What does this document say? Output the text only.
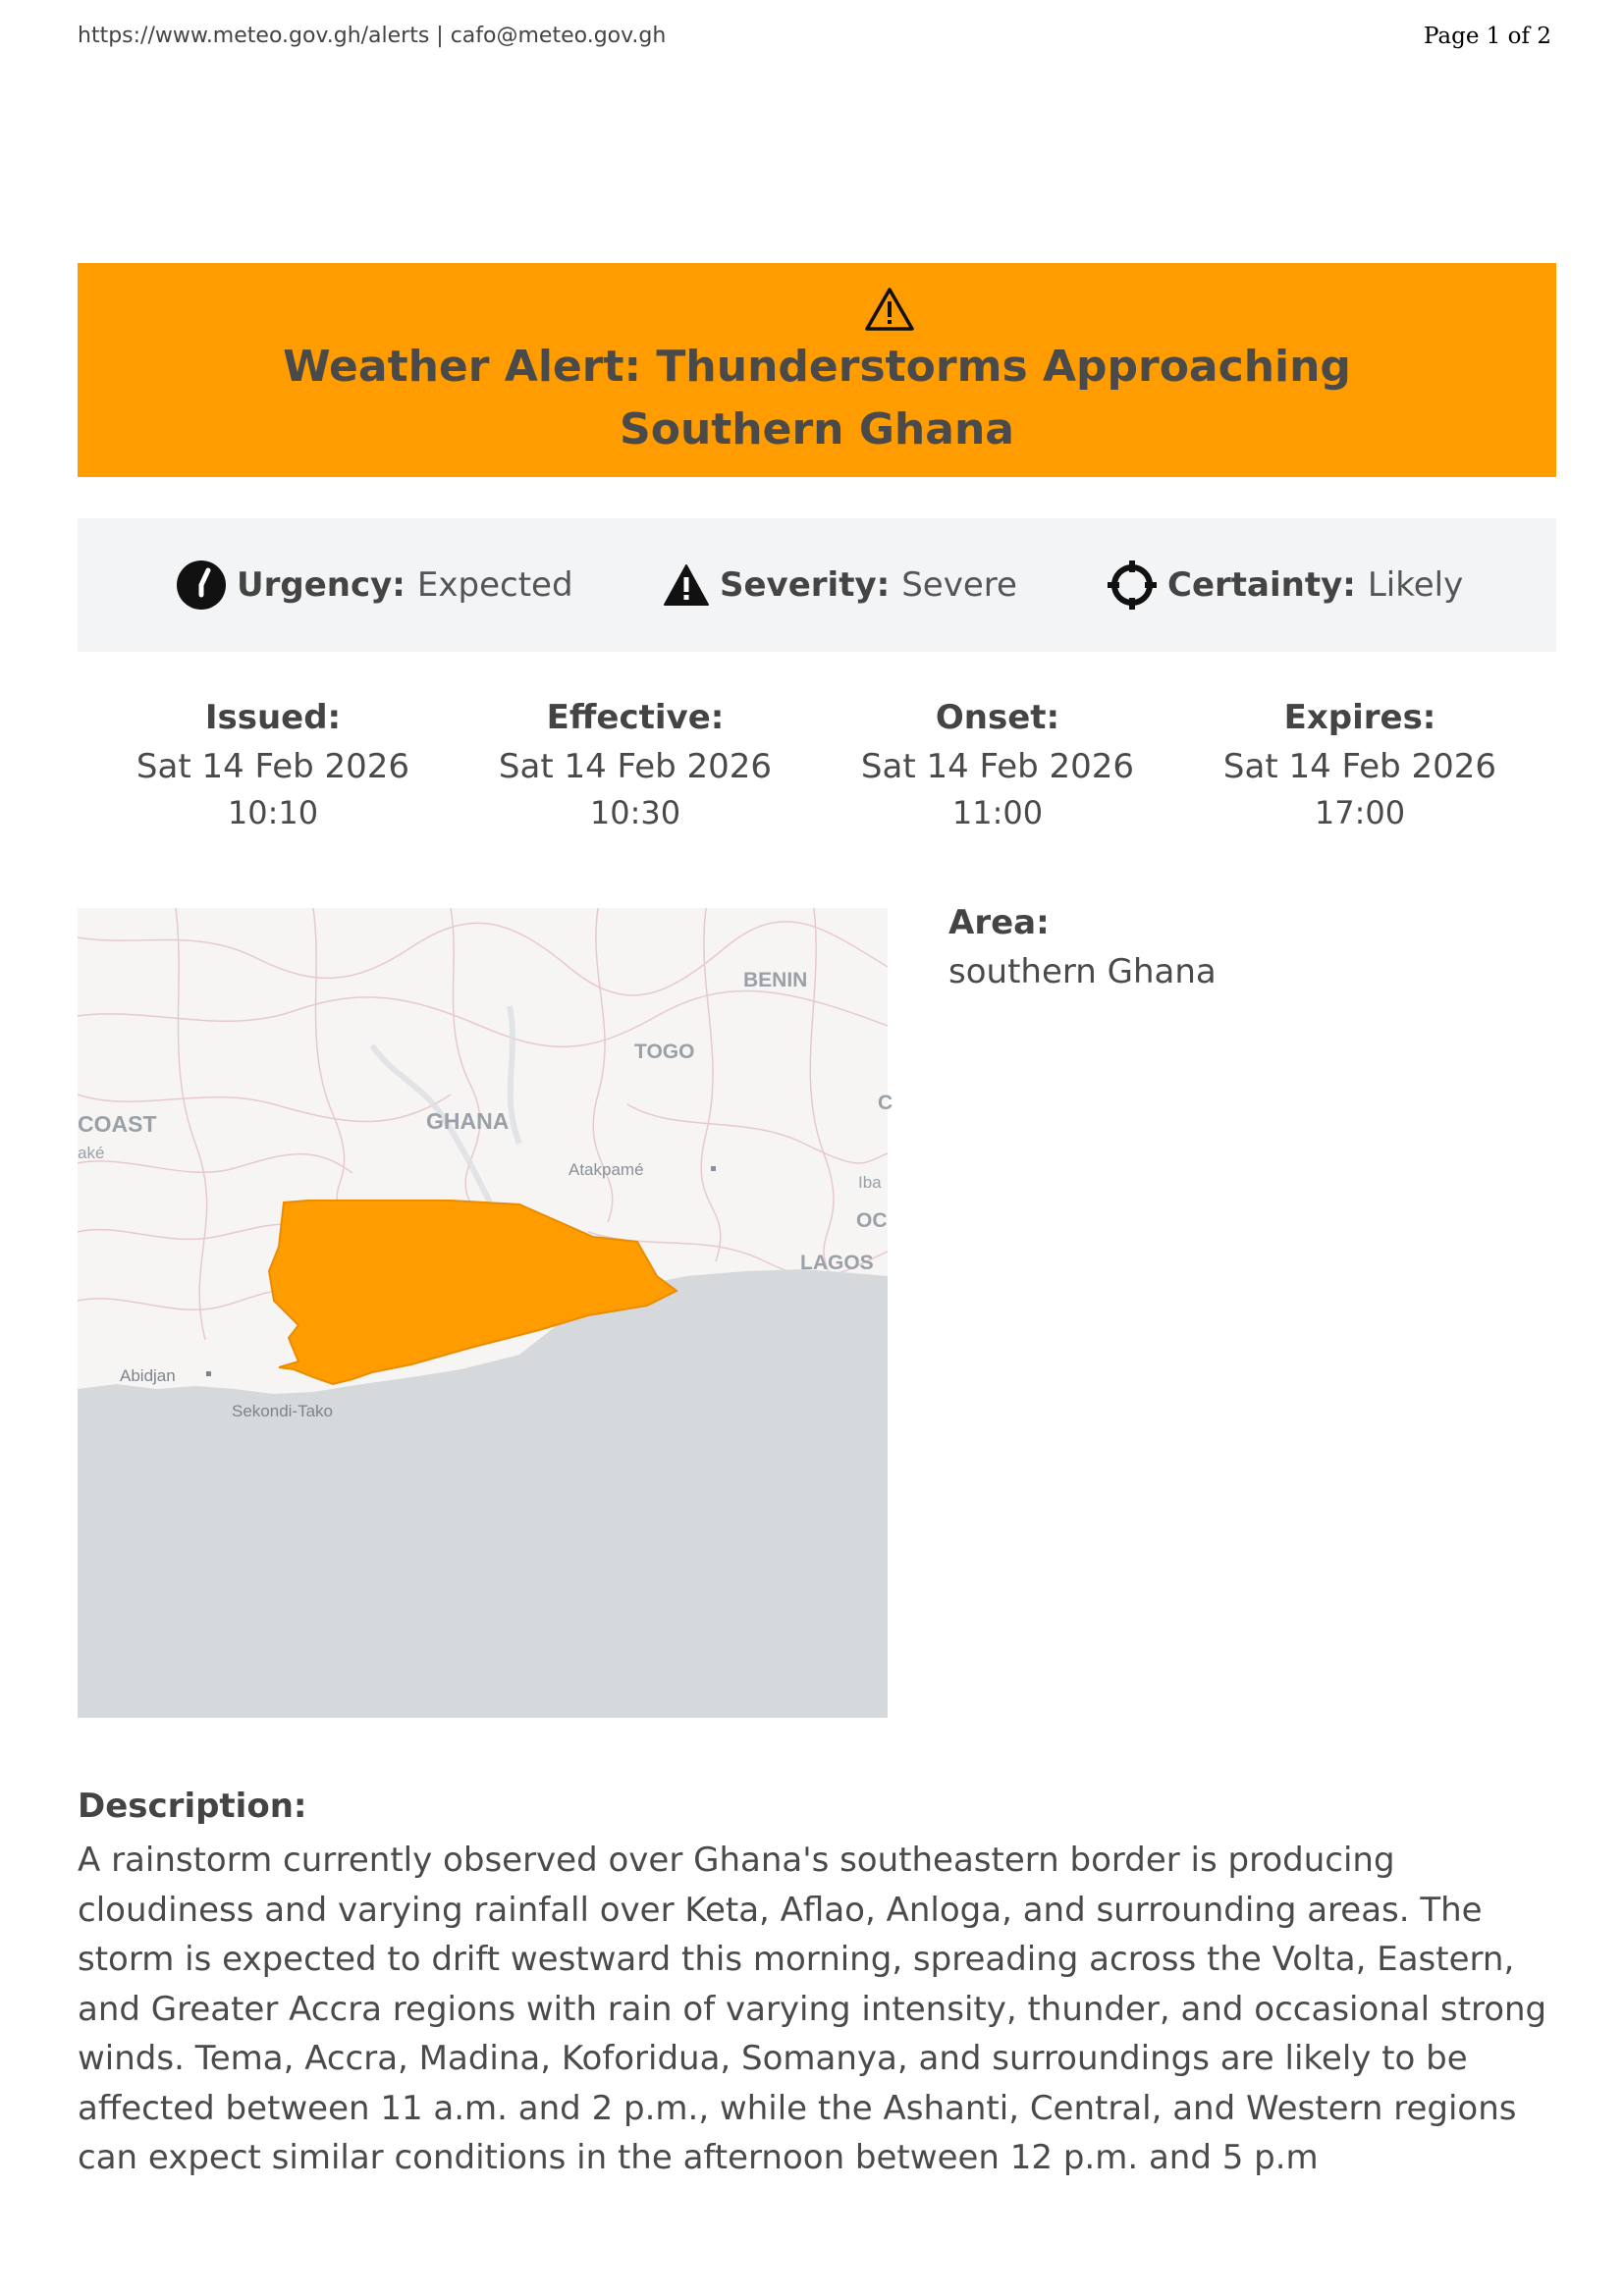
https://www.meteo.gov.gh/alerts | cafo@meteo.gov.gh	Page 1 of 2
Weather Alert: Thunderstorms Approaching Southern Ghana
Urgency: Expected	Severity: Severe	Certainty: Likely
Issued:
Sat 14 Feb 2026
10:10
Effective:
Sat 14 Feb 2026
10:30
Onset:
Sat 14 Feb 2026
11:00
Expires:
Sat 14 Feb 2026
17:00
BENIN
TOGO
GHANA
COAST
aké
Atakpamé
Iba
OC
LAGOS
C
Abidjan
Sekondi-Tako
Area:
southern Ghana
Description:
A rainstorm currently observed over Ghana's southeastern border is producing cloudiness and varying rainfall over Keta, Aflao, Anloga, and surrounding areas. The storm is expected to drift westward this morning, spreading across the Volta, Eastern, and Greater Accra regions with rain of varying intensity, thunder, and occasional strong winds. Tema, Accra, Madina, Koforidua, Somanya, and surroundings are likely to be affected between 11 a.m. and 2 p.m., while the Ashanti, Central, and Western regions can expect similar conditions in the afternoon between 12 p.m. and 5 p.m
